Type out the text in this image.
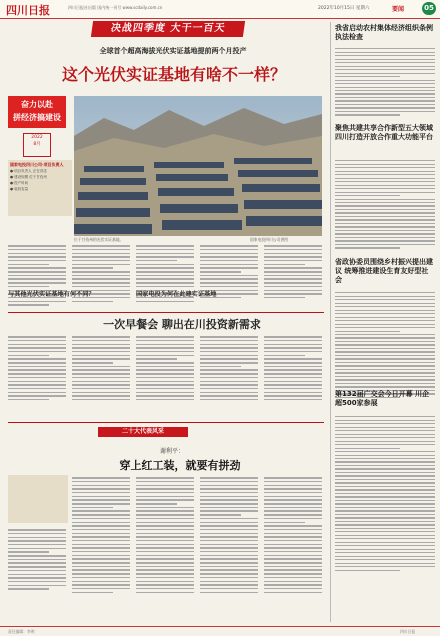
四川日报	四川日报社出版 国内统一刊号 www.scdaily.com.cn	2022年10月15日 星期六	要闻	05
决战四季度 大干一百天
全球首个超高海拔光伏实证基地提前两个月投产
这个光伏实证基地有啥不一样？
奋力以赴
拼经济搞建设
2022
8月
国家电投四川公司·项目负责人
●·项目负责人 正在讲述
●·建设规模 位于甘孜州
●·投产时间
●·装机容量
位于甘孜州的光伏实证基地。	国家电投四川公司供图
与其他光伏实证基地有何不同？	国家电投为何在此建实证基地
一次早餐会 聊出在川投资新需求
二十大代表风采
谢利平：
穿上红工装，就要有拼劲
我省启动农村集体经济组织条例执法检查
聚焦共建共享合作新型五大领域 四川打造开放合作重大功能平台
省政协委员围绕乡村振兴提出建议 统筹推进建设生育友好型社会
第132届广交会今日开幕 川企超500家参展
责任编辑：李明	四川日报
